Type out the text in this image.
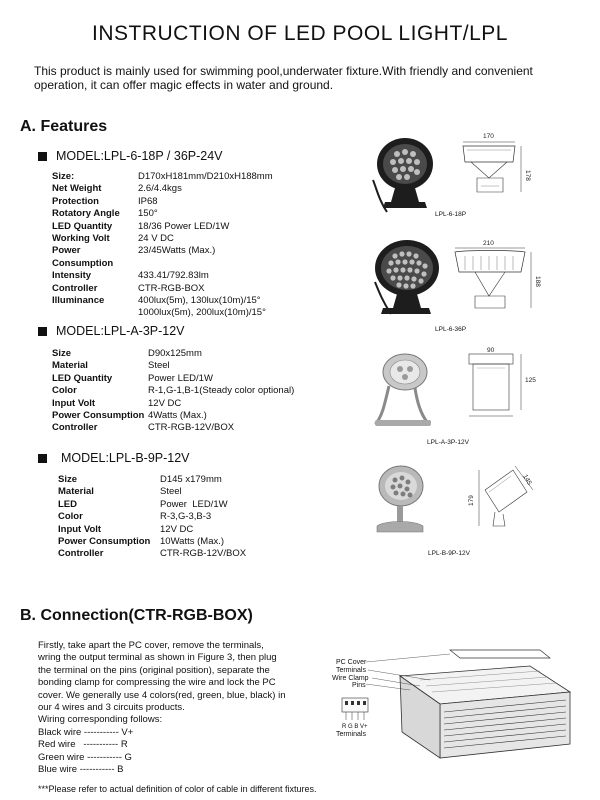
INSTRUCTION OF LED POOL LIGHT/LPL
This product is mainly used for swimming pool,underwater fixture.With friendly and convenient operation, it can offer magic effects in water and ground.
A. Features
MODEL:LPL-6-18P / 36P-24V
Size:	D170xH181mm/D210xH188mm
Net Weight	2.6/4.4kgs
Protection	IP68
Rotatory Angle	150°
LED Quantity	18/36 Power LED/1W
Working Volt	24 V DC
Power Consumption
23/45Watts (Max.)
Intensity	433.41/792.83lm
Controller	CTR-RGB-BOX
Illuminance	400lux(5m), 130lux(10m)/15°
1000lux(5m), 200lux(10m)/15°
MODEL:LPL-A-3P-12V
Size	D90x125mm
Material	Steel
LED Quantity	Power LED/1W
Color	R-1,G-1,B-1(Steady color optional)
Input Volt	12V DC
Power Consumption 4Watts (Max.)
Controller	CTR-RGB-12V/BOX
MODEL:LPL-B-9P-12V
Size	D145 x179mm
Material	Steel
LED	Power  LED/1W
Color	R-3,G-3,B-3
Input Volt	12V DC
Power Consumption	10Watts (Max.)
Controller	CTR-RGB-12V/BOX
170
178
LPL-6-18P
210
188
LPL-6-36P
90
125
LPL-A-3P-12V
179
145
LPL-B-9P-12V
B. Connection(CTR-RGB-BOX)
Firstly, take apart the PC cover, remove the terminals, wring the output terminal as shown in Figure 3, then plug the terminal on the pins (original position), separate the bonding clamp for compressing the wire and lock the PC cover. We generally use 4 colors(red, green, blue, black) in our 4 wires and 3 circuits products.
Wiring corresponding follows:
Black wire ----------- V+
Red wire   ----------- R
Green wire ----------- G
Blue wire ----------- B
PC Cover
Terminals
Wire Clamp
Pins
R G B V+
Terminals
***Please refer to actual definition of color of cable in different fixtures.
